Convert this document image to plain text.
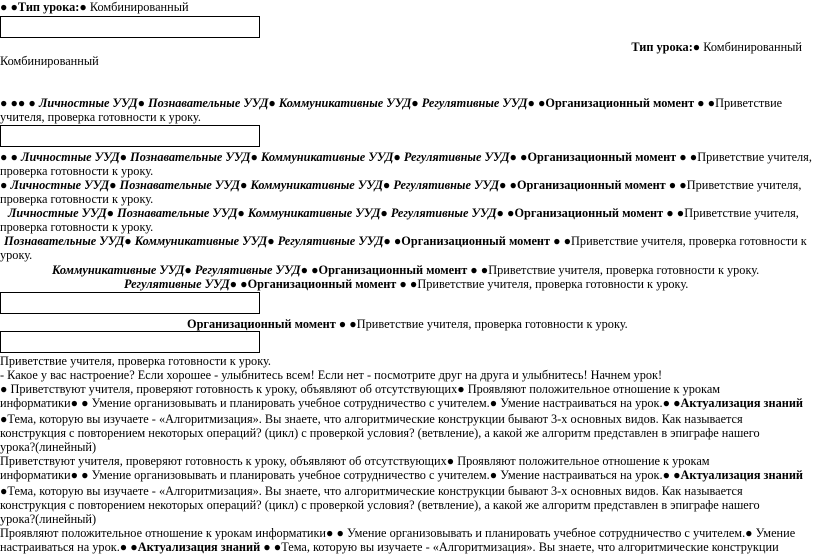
● ●Тип урока:● Комбинированный
Тип урока:● Комбинированный
Комбинированный
● ●● ● Личностные УУД● Познавательные УУД● Коммуникативные УУД● Регулятивные УУД● ●Организационный момент ● ●Приветствие
учителя, проверка готовности к уроку.
● ● Личностные УУД● Познавательные УУД● Коммуникативные УУД● Регулятивные УУД● ●Организационный момент ● ●Приветствие учителя,
проверка готовности к уроку.
● Личностные УУД● Познавательные УУД● Коммуникативные УУД● Регулятивные УУД● ●Организационный момент ● ●Приветствие учителя,
проверка готовности к уроку.
Личностные УУД● Познавательные УУД● Коммуникативные УУД● Регулятивные УУД● ●Организационный момент ● ●Приветствие учителя,
проверка готовности к уроку.
Познавательные УУД● Коммуникативные УУД● Регулятивные УУД● ●Организационный момент ● ●Приветствие учителя, проверка готовности к
уроку.
Коммуникативные УУД● Регулятивные УУД● ●Организационный момент ● ●Приветствие учителя, проверка готовности к уроку.
Регулятивные УУД● ●Организационный момент ● ●Приветствие учителя, проверка готовности к уроку.
Организационный момент ● ●Приветствие учителя, проверка готовности к уроку.
Приветствие учителя, проверка готовности к уроку.
- Какое у вас настроение? Если хорошее - улыбнитесь всем! Если нет - посмотрите друг на друга и улыбнитесь! Начнем урок!
● Приветствуют учителя, проверяют готовность к уроку, объявляют об отсутствующих● Проявляют положительное отношение к урокам
информатики● ● Умение организовывать и планировать учебное сотрудничество с учителем.● Умение настраиваться на урок.● ●Актуализация знаний
●Тема, которую вы изучаете - «Алгоритмизация». Вы знаете, что алгоритмические конструкции бывают 3-х основных видов. Как называется
конструкция с повторением некоторых операций? (цикл) с проверкой условия? (ветвление), а какой же алгоритм представлен в эпиграфе нашего
урока?(линейный)
Приветствуют учителя, проверяют готовность к уроку, объявляют об отсутствующих● Проявляют положительное отношение к урокам
информатики● ● Умение организовывать и планировать учебное сотрудничество с учителем.● Умение настраиваться на урок.● ●Актуализация знаний
●Тема, которую вы изучаете - «Алгоритмизация». Вы знаете, что алгоритмические конструкции бывают 3-х основных видов. Как называется
конструкция с повторением некоторых операций? (цикл) с проверкой условия? (ветвление), а какой же алгоритм представлен в эпиграфе нашего
урока?(линейный)
Проявляют положительное отношение к урокам информатики● ● Умение организовывать и планировать учебное сотрудничество с учителем.● Умение
настраиваться на урок.● ●Актуализация знаний ● ●Тема, которую вы изучаете - «Алгоритмизация». Вы знаете, что алгоритмические конструкции
